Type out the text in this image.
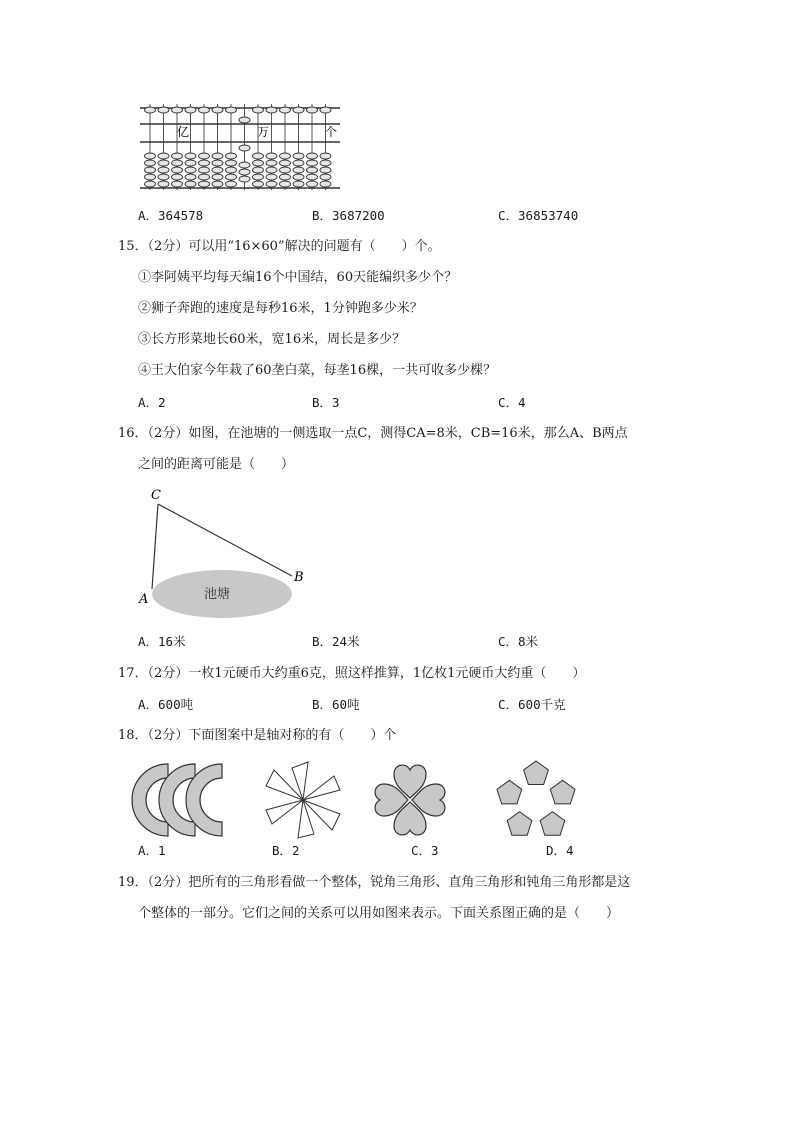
亿	万	个
A．364578	B．3687200	C．36853740
15．（2分）可以用“16×60”解决的问题有（　　）个。
①李阿姨平均每天编16个中国结，60天能编织多少个？
②狮子奔跑的速度是每秒16米，1分钟跑多少米？
③长方形菜地长60米，宽16米，周长是多少？
④王大伯家今年栽了60垄白菜，每垄16棵，一共可收多少棵？
A．2	B．3	C．4
16．（2分）如图，在池塘的一侧选取一点C，测得CA=8米，CB=16米，那么A、B两点
之间的距离可能是（　　）
C
A
B
池塘
A．16米	B．24米	C．8米
17．（2分）一枚1元硬币大约重6克，照这样推算，1亿枚1元硬币大约重（　　）
A．600吨	B．60吨	C．600千克
18．（2分）下面图案中是轴对称的有（　　）个
A．1	B．2	C．3	D．4
19．（2分）把所有的三角形看做一个整体，锐角三角形、直角三角形和钝角三角形都是这
个整体的一部分。它们之间的关系可以用如图来表示。下面关系图正确的是（　　）
